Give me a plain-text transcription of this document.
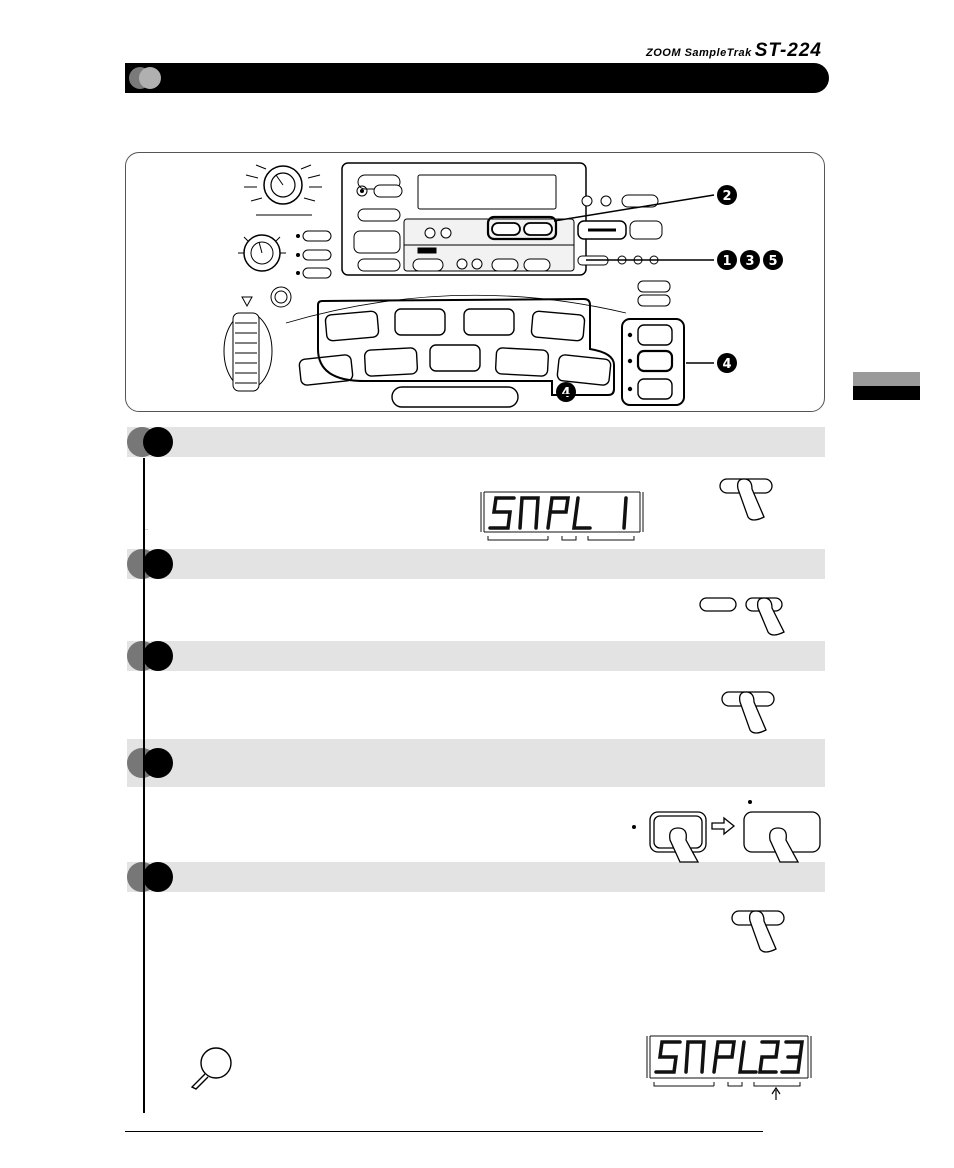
ZOOM SampleTrak ST-224
2
1 3 5
4
4
SNPL 23
